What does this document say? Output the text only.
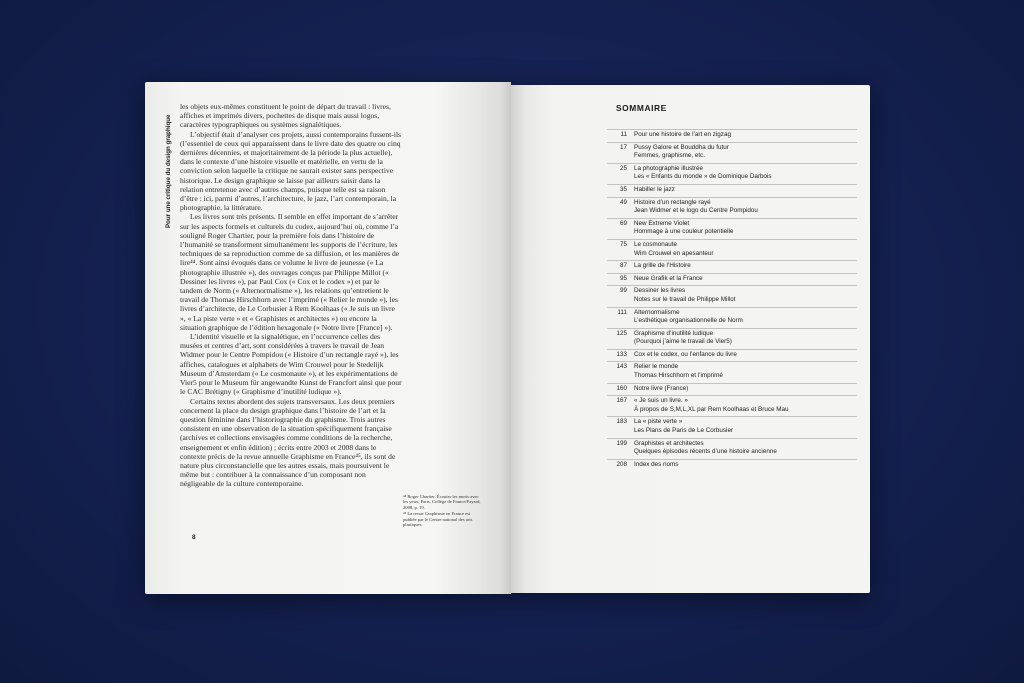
Pour une critique du design graphique

les objets eux-mêmes constituent le point de départ du travail : livres, affiches et imprimés divers, pochettes de disque mais aussi logos, caractères typographiques ou systèmes signalétiques.

L’objectif était d’analyser ces projets, aussi contemporains fussent-ils (l’essentiel de ceux qui apparaissent dans le livre date des quatre ou cinq dernières décennies, et majoritairement de la période la plus actuelle), dans le contexte d’une histoire visuelle et matérielle, en vertu de la conviction selon laquelle la critique ne saurait exister sans perspective historique. Le design graphique se laisse par ailleurs saisir dans la relation entretenue avec d’autres champs, puisque telle est sa raison d’être : ici, parmi d’autres, l’architecture, le jazz, l’art contemporain, la photographie, la littérature.

Les livres sont très présents. Il semble en effet important de s’arrêter sur les aspects formels et culturels du codex, aujourd’hui où, comme l’a souligné Roger Chartier, pour la première fois dans l’histoire de l’humanité se transforment simultanément les supports de l’écriture, les techniques de sa reproduction comme de sa diffusion, et les manières de lire⁴⁴. Sont ainsi évoqués dans ce volume le livre de jeunesse (« La photographie illustrée »), des ouvrages conçus par Philippe Millot (« Dessiner les livres »), par Paul Cox (« Cox et le codex ») et par le tandem de Norm (« Alternormalisme »), les relations qu’entretient le travail de Thomas Hirschhorn avec l’imprimé (« Relier le monde »), les livres d’architecte, de Le Corbusier à Rem Koolhaas (« Je suis un livre », « La piste verte » et « Graphistes et architectes ») ou encore la situation graphique de l’édition hexagonale (« Notre livre [France] »).

L’identité visuelle et la signalétique, en l’occurrence celles des musées et centres d’art, sont considérées à travers le travail de Jean Widmer pour le Centre Pompidou (« Histoire d’un rectangle rayé »), les affiches, catalogues et alphabets de Wim Crouwel pour le Stedelijk Museum d’Amsterdam (« Le cosmonaute »), et les expérimentations de Vier5 pour le Museum für angewandte Kunst de Francfort ainsi que pour le CAC Brétigny (« Graphisme d’inutilité ludique »).

Certains textes abordent des sujets transversaux. Les deux premiers concernent la place du design graphique dans l’histoire de l’art et la question féminine dans l’historiographie du graphisme. Trois autres consistent en une observation de la situation spécifiquement française (archives et collections envisagées comme conditions de la recherche, enseignement et enfin édition) ; écrits entre 2003 et 2008 dans le contexte précis de la revue annuelle Graphisme en France⁴⁵, ils sont de nature plus circonstancielle que les autres essais, mais poursuivent le même but : contribuer à la connaissance d’un composant non négligeable de la culture contemporaine.

⁴⁴ Roger Chartier, Écouter les morts avec les yeux, Paris, Collège de France/Fayard, 2008, p. 19.

⁴⁵ La revue Graphisme en France est publiée par le Centre national des arts plastiques.

8
SOMMAIRE
11	Pour une histoire de l’art en zigzag
17	Pussy Galore et Bouddha du futur
Femmes, graphisme, etc.
25	La photographie illustrée
Les « Enfants du monde » de Dominique Darbois
35	Habiller le jazz
49	Histoire d’un rectangle rayé
Jean Widmer et le logo du Centre Pompidou
69	New Extreme Violet
Hommage à une couleur potentielle
75	Le cosmonaute
Wim Crouwel en apesanteur
87	La grille de l’Histoire
95	Neue Grafik et la France
99	Dessiner les livres
Notes sur le travail de Philippe Millot
111	Alternormalisme
L’esthétique organisationnelle de Norm
125	Graphisme d’inutilité ludique
(Pourquoi j’aime le travail de Vier5)
133	Cox et le codex, ou l’enfance du livre
143	Relier le monde
Thomas Hirschhorn et l’imprimé
160	Notre livre (France)
167	« Je suis un livre. »
À propos de S,M,L,XL par Rem Koolhaas et Bruce Mau
183	La « piste verte »
Les Plans de Paris de Le Corbusier
199	Graphistes et architectes
Quelques épisodes récents d’une histoire ancienne
208	Index des noms
